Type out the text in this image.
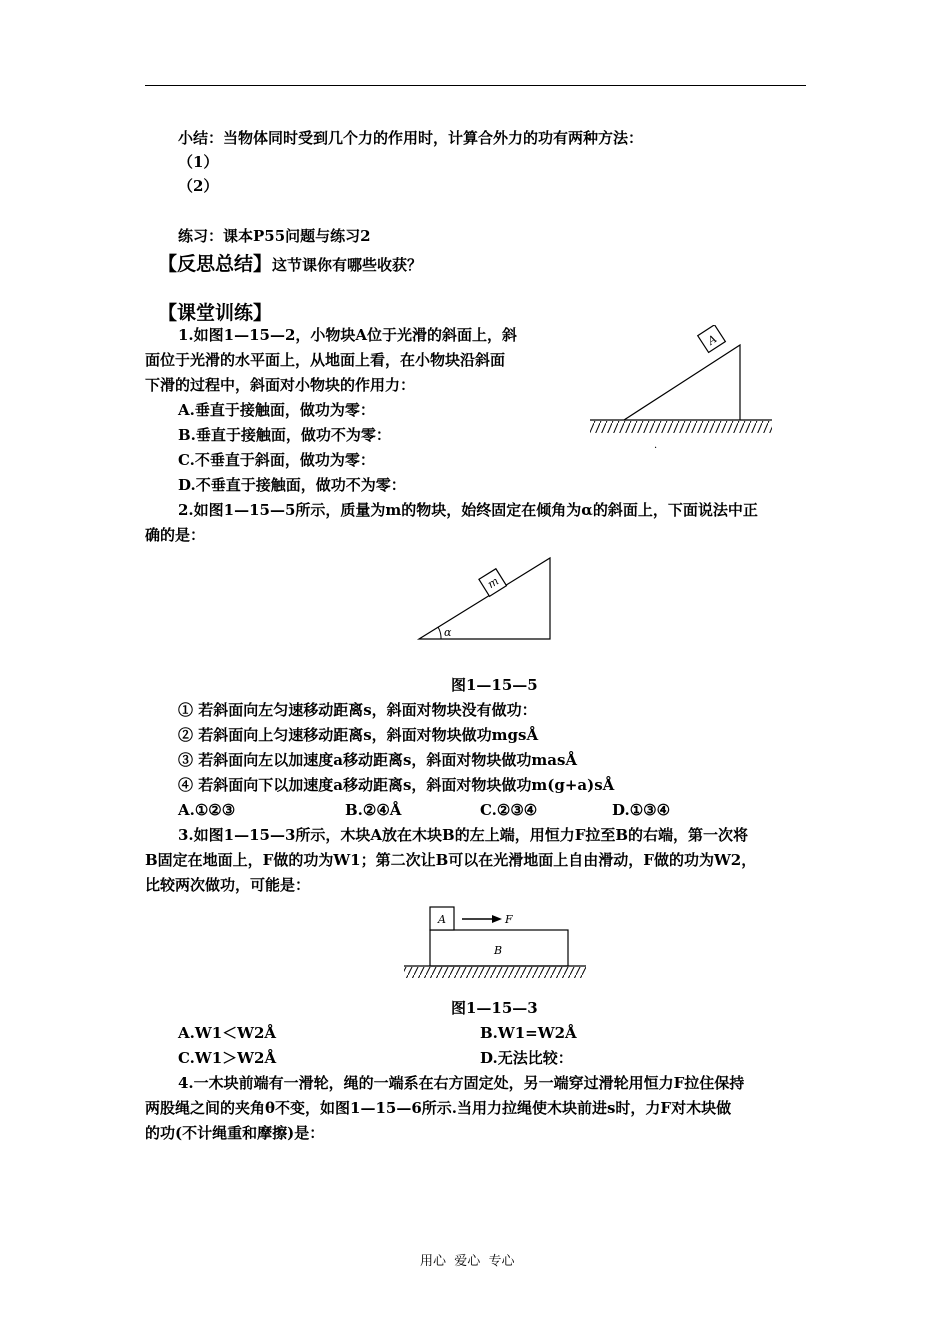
小结：当物体同时受到几个力的作用时，计算合外力的功有两种方法：
（1）
（2）
练习：课本P55问题与练习2
【反思总结】这节课你有哪些收获？
【课堂训练】
1.如图1—15—2，小物块A位于光滑的斜面上，斜
面位于光滑的水平面上，从地面上看，在小物块沿斜面
下滑的过程中，斜面对小物块的作用力：
A.垂直于接触面，做功为零：
B.垂直于接触面，做功不为零：
C.不垂直于斜面，做功为零：
D.不垂直于接触面，做功不为零：
A
·
2.如图1—15—5所示，质量为m的物块，始终固定在倾角为α的斜面上，下面说法中正
确的是：
α
m
图1—15—5
① 若斜面向左匀速移动距离s，斜面对物块没有做功：
② 若斜面向上匀速移动距离s，斜面对物块做功mgsÅ
③ 若斜面向左以加速度a移动距离s，斜面对物块做功masÅ
④ 若斜面向下以加速度a移动距离s，斜面对物块做功m(g+a)sÅ
A.①②③	B.②④Å	C.②③④	D.①③④
3.如图1—15—3所示，木块A放在木块B的左上端，用恒力F拉至B的右端，第一次将
B固定在地面上，F做的功为W1；第二次让B可以在光滑地面上自由滑动，F做的功为W2，
比较两次做功，可能是：
B
A	F
图1—15—3
A.W1＜W2Å	B.W1=W2Å
C.W1＞W2Å	D.无法比较：
4.一木块前端有一滑轮，绳的一端系在右方固定处，另一端穿过滑轮用恒力F拉住保持
两股绳之间的夹角θ不变，如图1—15—6所示.当用力拉绳使木块前进s时，力F对木块做
的功(不计绳重和摩擦)是：
用心  爱心  专心
